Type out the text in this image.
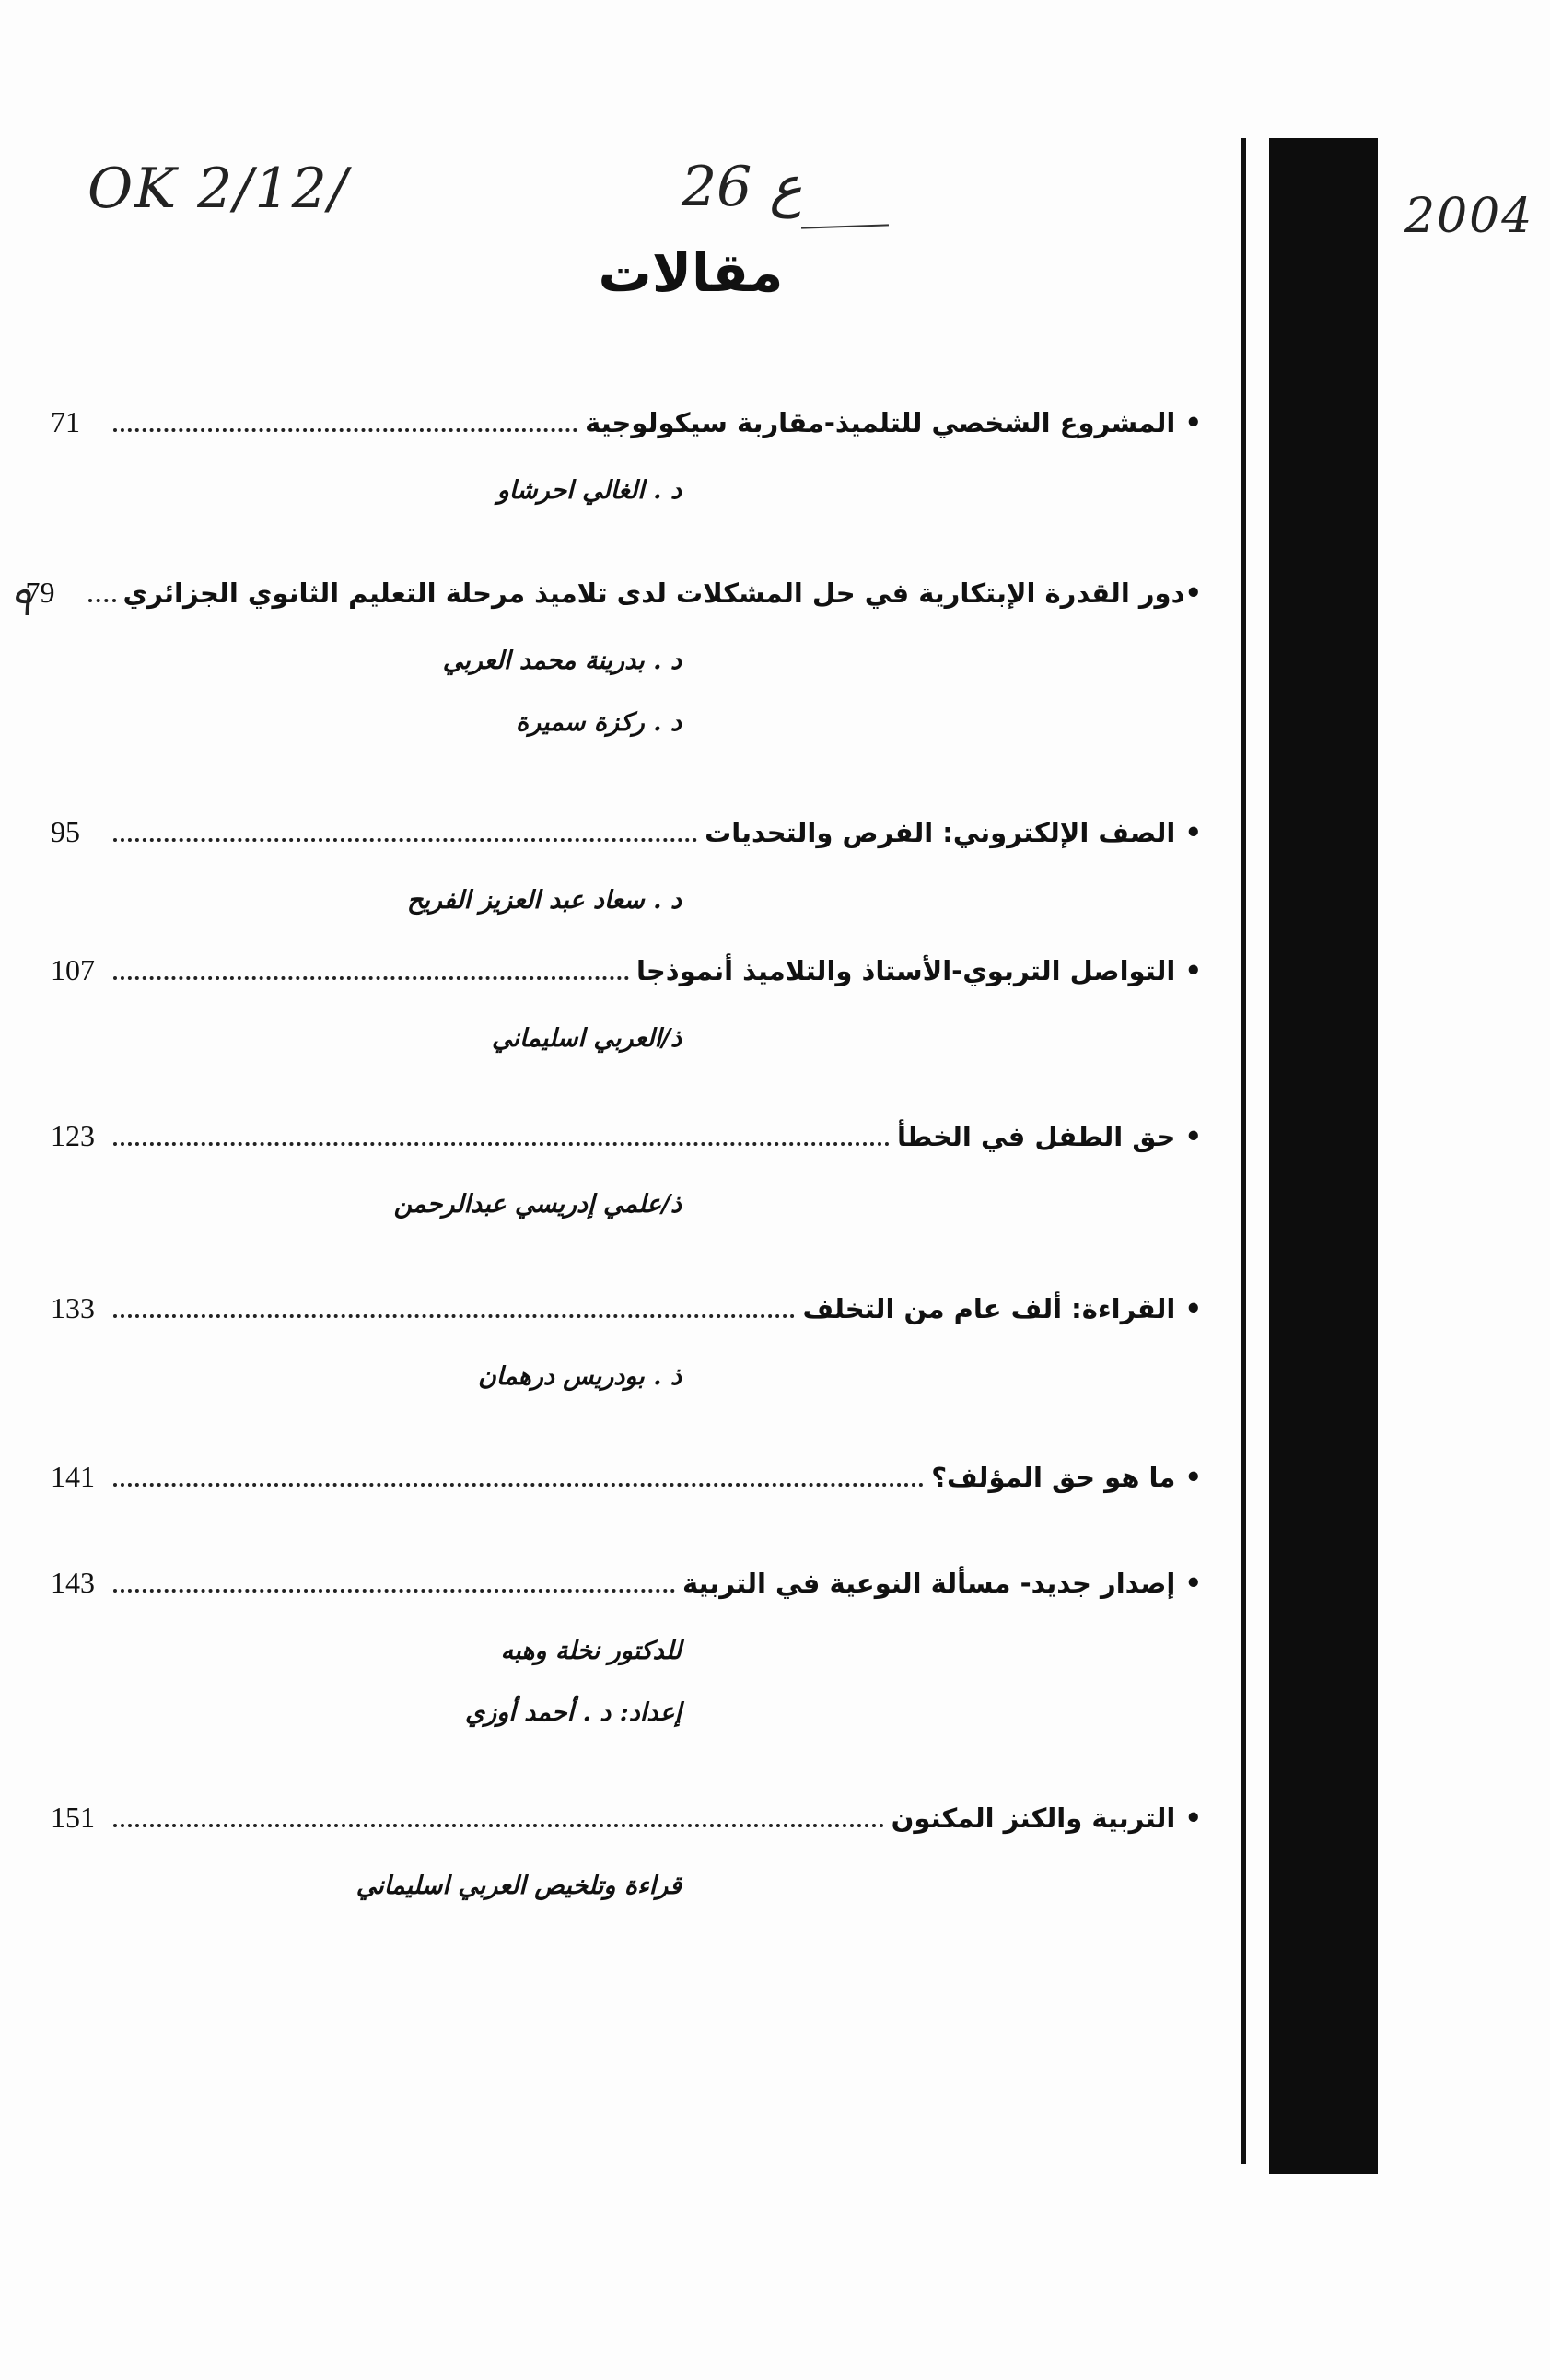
OK 2/12/	26 ع	2004
٩
مقالات
• المشروع الشخصي للتلميذ-مقاربة سيكولوجية
71
د . الغالي احرشاو
•دور القدرة الإبتكارية في حل المشكلات لدى تلاميذ مرحلة التعليم الثانوي الجزائري
79
د . بدرينة محمد العربي
د . ركزة سميرة
• الصف الإلكتروني: الفرص والتحديات
95
د . سعاد عبد العزيز الفريح
• التواصل التربوي-الأستاذ والتلاميذ أنموذجا
107
ذ/العربي اسليماني
• حق الطفل في الخطأ
123
ذ/علمي إدريسي عبدالرحمن
• القراءة: ألف عام من التخلف
133
ذ . بودريس درهمان
• ما هو حق المؤلف؟
141
• إصدار جديد- مسألة النوعية في التربية
143
للدكتور نخلة وهبه
إعداد: د . أحمد أوزي
• التربية والكنز المكنون
151
قراءة وتلخيص العربي اسليماني
